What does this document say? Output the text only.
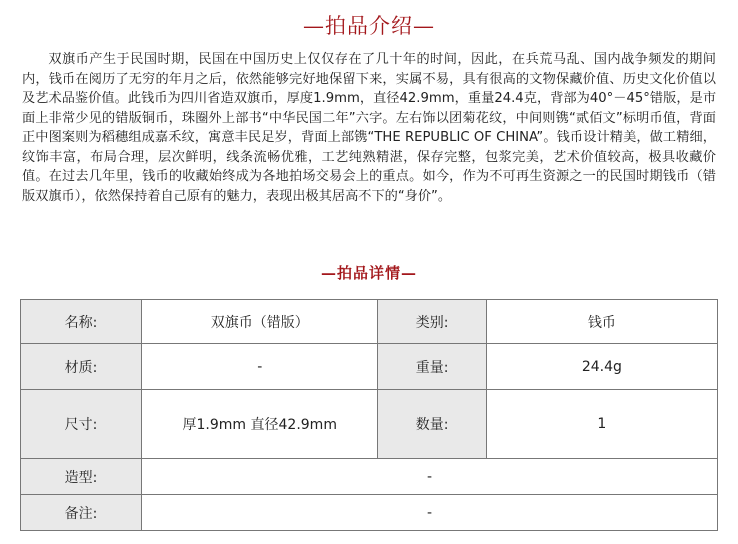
—拍品介绍—

双旗币产生于民国时期，民国在中国历史上仅仅存在了几十年的时间，因此，在兵荒马乱、国内战争频发的期间内，钱币在阅历了无穷的年月之后，依然能够完好地保留下来，实属不易，具有很高的文物保藏价值、历史文化价值以及艺术品鉴价值。此钱币为四川省造双旗币，厚度1.9mm，直径42.9mm，重量24.4克，背部为40°－45°错版，是市面上非常少见的错版铜币，珠圈外上部书“中华民国二年”六字。左右饰以团菊花纹，中间则镌“贰佰文”标明币值，背面正中图案则为稻穗组成嘉禾纹，寓意丰民足岁，背面上部镌“THE REPUBLIC OF CHINA”。钱币设计精美，做工精细，纹饰丰富，布局合理，层次鲜明，线条流畅优雅，工艺纯熟精湛，保存完整，包浆完美，艺术价值较高，极具收藏价值。在过去几年里，钱币的收藏始终成为各地拍场交易会上的重点。如今，作为不可再生资源之一的民国时期钱币（错版双旗币），依然保持着自己原有的魅力，表现出极其居高不下的“身价”。

—拍品详情—
名称:	双旗币（错版）	类别:	钱币
材质:	-	重量:	24.4g
尺寸:	厚1.9mm 直径42.9mm	数量:	1
造型:	-		
备注:	-		
